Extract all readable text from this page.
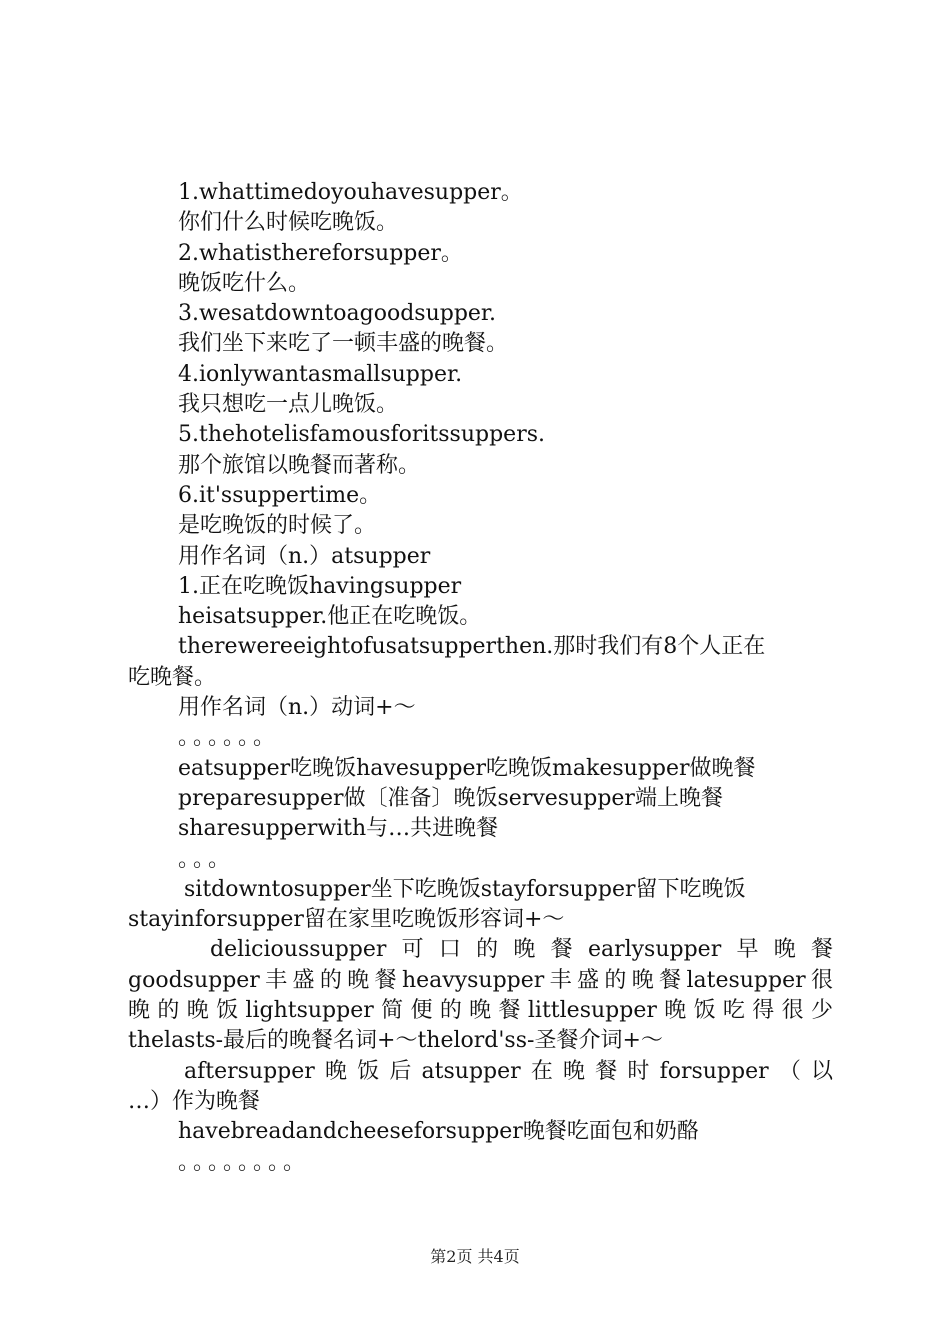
1.whattimedoyouhavesupper。

你们什么时候吃晚饭。

2.whatisthereforsupper。

晚饭吃什么。

3.wesatdowntoagoodsupper.

我们坐下来吃了一顿丰盛的晚餐。

4.ionlywantasmallsupper.

我只想吃一点儿晚饭。

5.thehotelisfamousforitssuppers.

那个旅馆以晚餐而著称。

6.it'ssuppertime。

是吃晚饭的时候了。

用作名词（n.）atsupper

1.正在吃晚饭havingsupper

heisatsupper.他正在吃晚饭。

therewereeightofusatsupperthen.那时我们有8个人正在

吃晚餐。

用作名词（n.）动词+～

。。。。。。

eatsupper吃晚饭havesupper吃晚饭makesupper做晚餐

preparesupper做〔准备〕晚饭servesupper端上晚餐

sharesupperwith与…共进晚餐

。。。

sitdowntosupper坐下吃晚饭stayforsupper留下吃晚饭

stayinforsupper留在家里吃晚饭形容词+～

delicioussupper可口的晚餐earlysupper早晚餐

goodsupper丰盛的晚餐heavysupper丰盛的晚餐latesupper很

晚的晚饭lightsupper简便的晚餐littlesupper晚饭吃得很少

thelasts-最后的晚餐名词+～thelord'ss-圣餐介词+～

aftersupper晚饭后atsupper在晚餐时forsupper（以

…）作为晚餐

havebreadandcheeseforsupper晚餐吃面包和奶酪

。。。。。。。。

第2页 共4页
